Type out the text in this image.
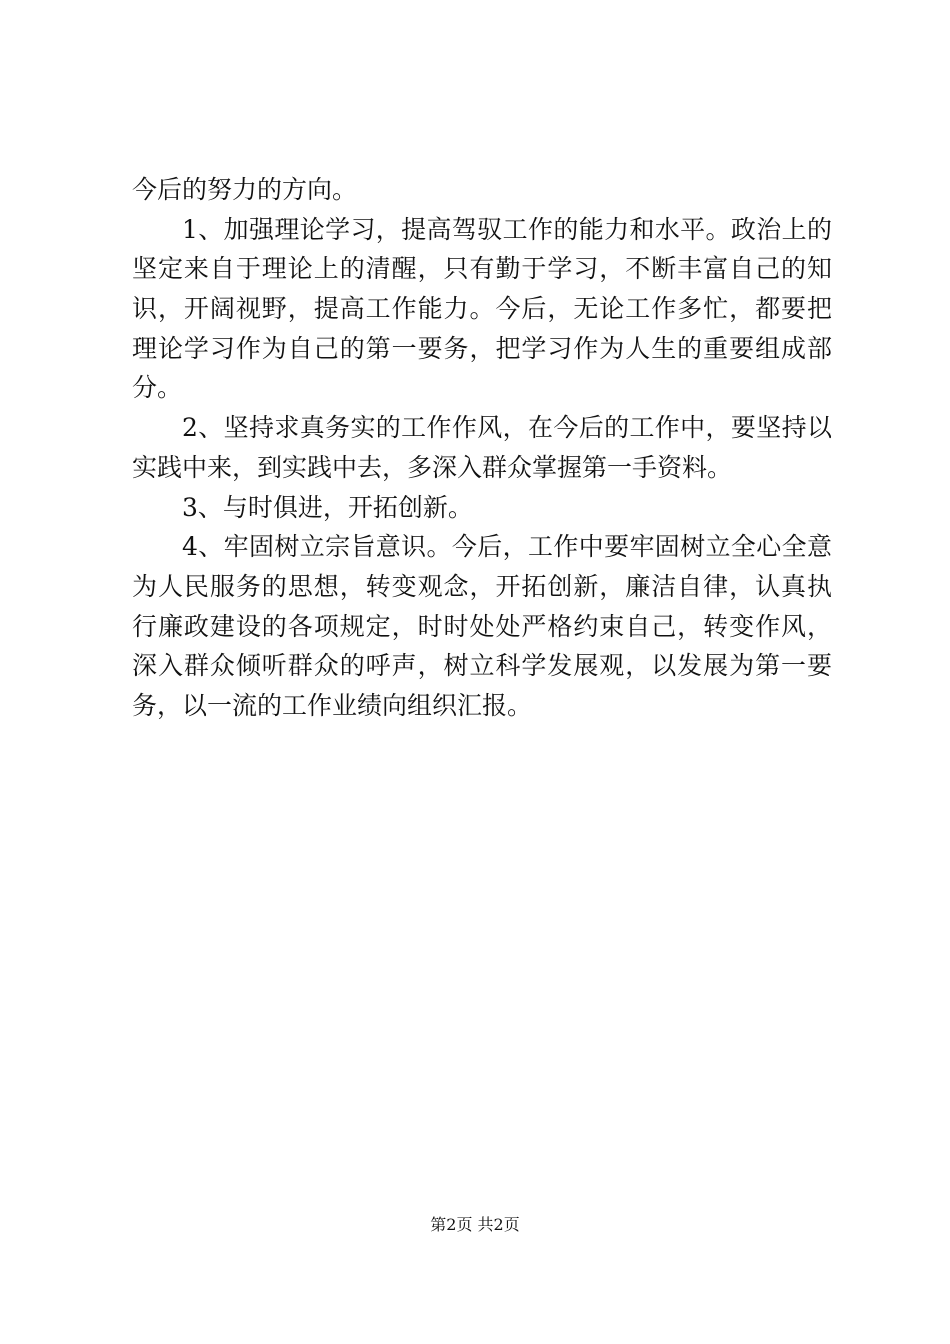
今后的努力的方向。
1、加强理论学习，提高驾驭工作的能力和水平。政治上的
坚定来自于理论上的清醒，只有勤于学习，不断丰富自己的知
识，开阔视野，提高工作能力。今后，无论工作多忙，都要把
理论学习作为自己的第一要务，把学习作为人生的重要组成部
分。
2、坚持求真务实的工作作风，在今后的工作中，要坚持以
实践中来，到实践中去，多深入群众掌握第一手资料。
3、与时俱进，开拓创新。
4、牢固树立宗旨意识。今后，工作中要牢固树立全心全意
为人民服务的思想，转变观念，开拓创新，廉洁自律，认真执
行廉政建设的各项规定，时时处处严格约束自己，转变作风，
深入群众倾听群众的呼声，树立科学发展观，以发展为第一要
务，以一流的工作业绩向组织汇报。
第2页 共2页
